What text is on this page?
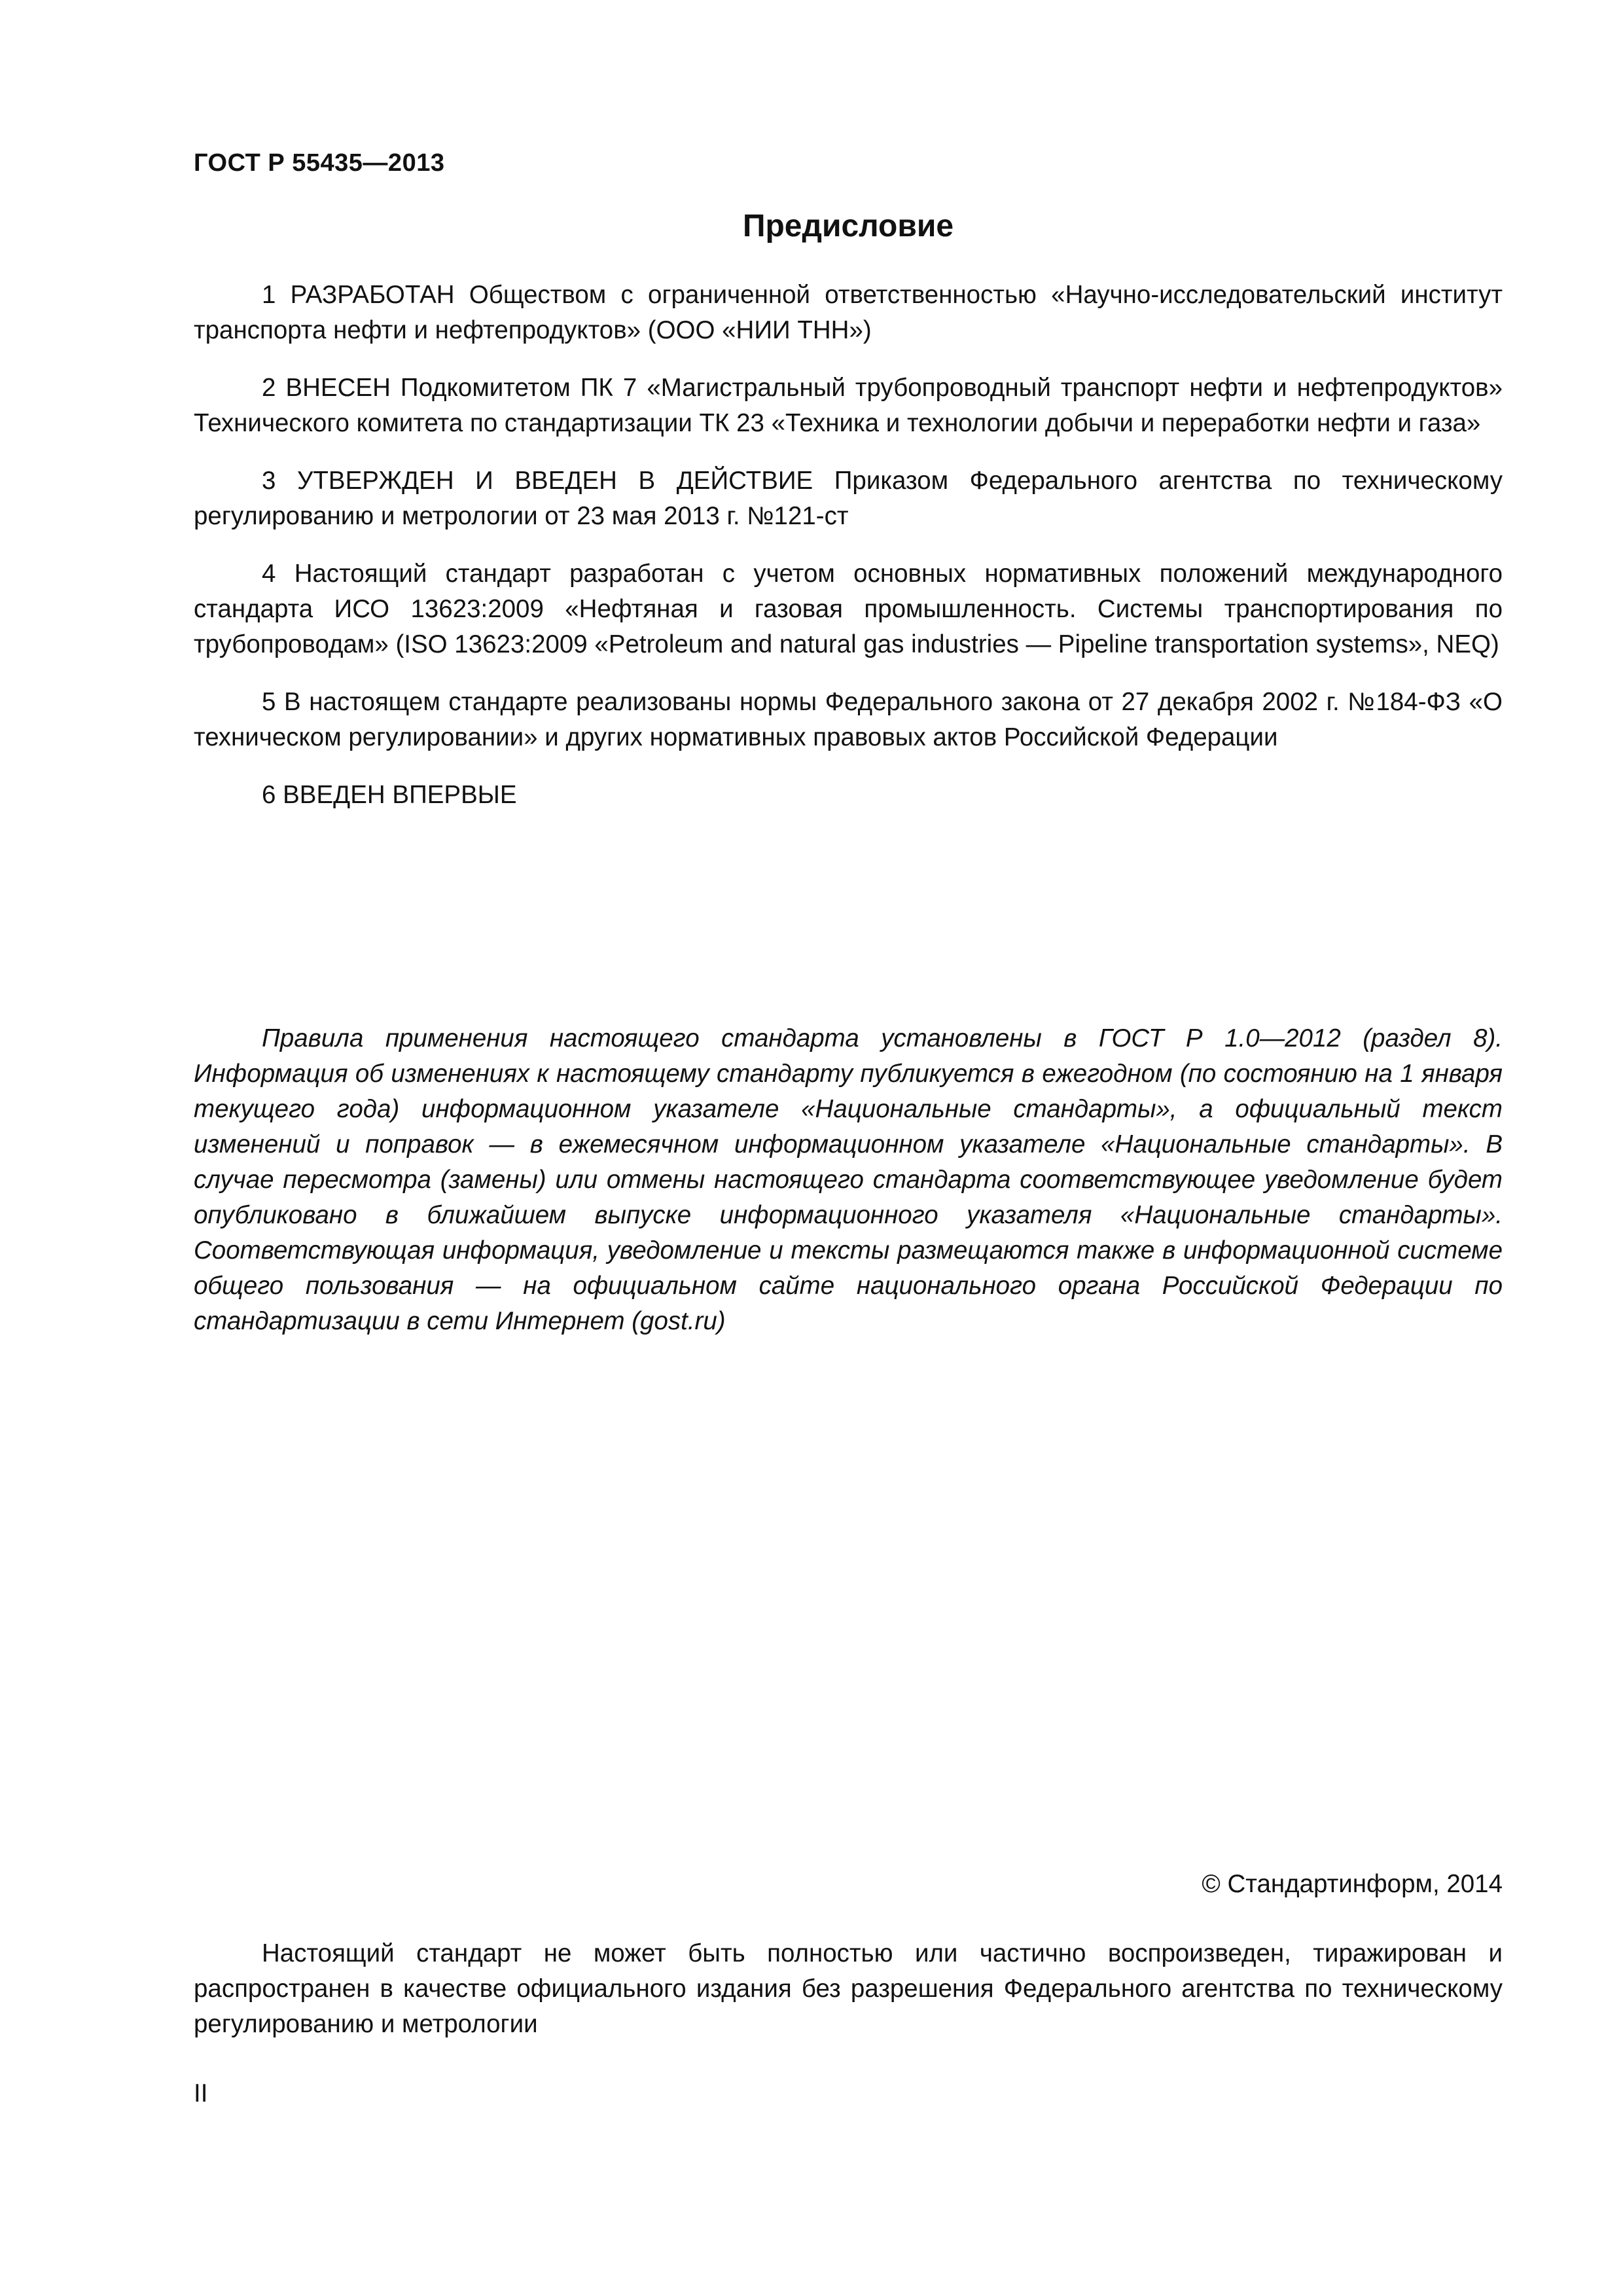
ГОСТ Р 55435—2013
Предисловие

1 РАЗРАБОТАН Обществом с ограниченной ответственностью «Научно-исследовательский институт транспорта нефти и нефтепродуктов» (ООО «НИИ ТНН»)

2 ВНЕСЕН Подкомитетом ПК 7 «Магистральный трубопроводный транспорт нефти и нефтепродуктов» Технического комитета по стандартизации ТК 23 «Техника и технологии добычи и переработки нефти и газа»

3 УТВЕРЖДЕН И ВВЕДЕН В ДЕЙСТВИЕ Приказом Федерального агентства по техническому регулированию и метрологии от 23 мая 2013 г. №121-ст

4 Настоящий стандарт разработан с учетом основных нормативных положений международного стандарта ИСО 13623:2009 «Нефтяная и газовая промышленность. Системы транспортирования по трубопроводам» (ISO 13623:2009 «Petroleum and natural gas industries — Pipeline transportation systems», NEQ)

5 В настоящем стандарте реализованы нормы Федерального закона от 27 декабря 2002 г. №184-ФЗ «О техническом регулировании» и других нормативных правовых актов Российской Федерации

6 ВВЕДЕН ВПЕРВЫЕ

Правила применения настоящего стандарта установлены в ГОСТ Р 1.0—2012 (раздел 8). Информация об изменениях к настоящему стандарту публикуется в ежегодном (по состоянию на 1 января текущего года) информационном указателе «Национальные стандарты», а официальный текст изменений и поправок — в ежемесячном информационном указателе «Национальные стандарты». В случае пересмотра (замены) или отмены настоящего стандарта соответствующее уведомление будет опубликовано в ближайшем выпуске информационного указателя «Национальные стандарты». Соответствующая информация, уведомление и тексты размещаются также в информационной системе общего пользования — на официальном сайте национального органа Российской Федерации по стандартизации в сети Интернет (gost.ru)

© Стандартинформ, 2014

Настоящий стандарт не может быть полностью или частично воспроизведен, тиражирован и распространен в качестве официального издания без разрешения Федерального агентства по техническому регулированию и метрологии

II
